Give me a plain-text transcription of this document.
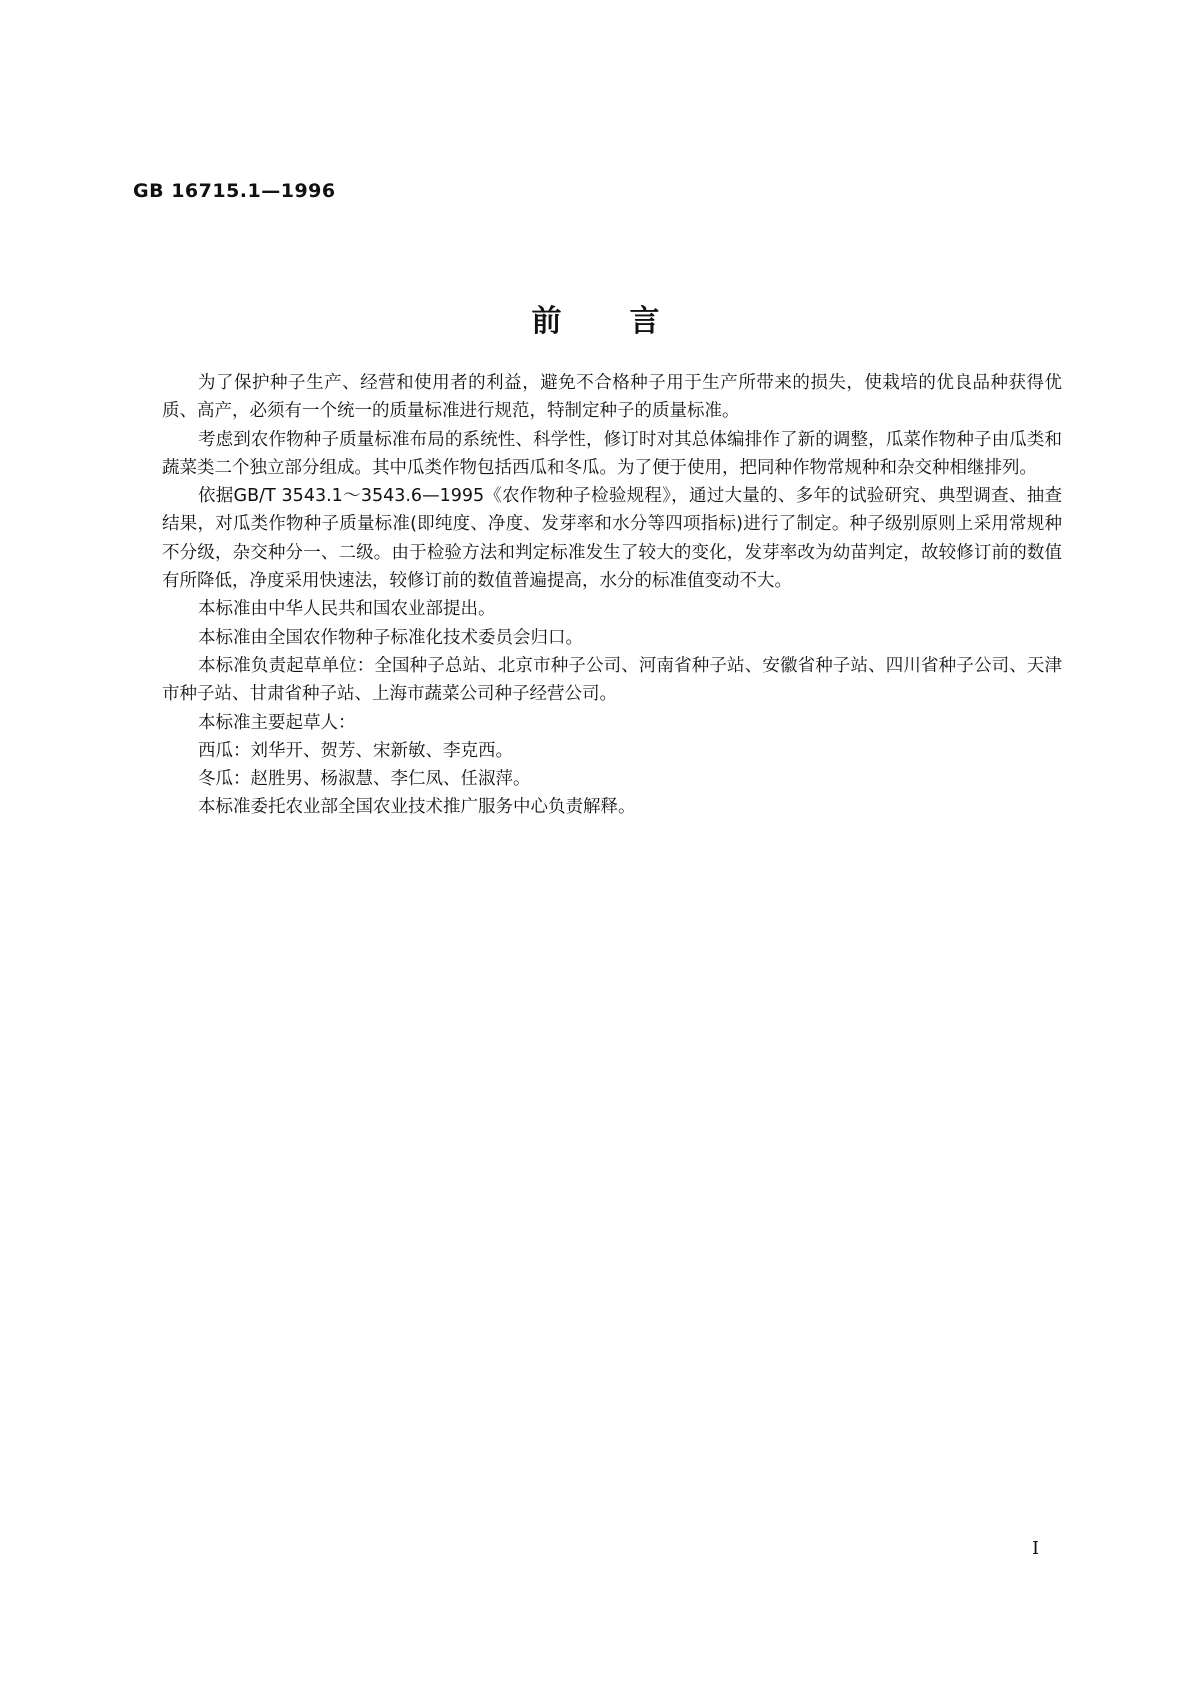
GB 16715.1—1996
前言

为了保护种子生产、经营和使用者的利益，避免不合格种子用于生产所带来的损失，使栽培的优良品种获得优质、高产，必须有一个统一的质量标准进行规范，特制定种子的质量标准。

考虑到农作物种子质量标准布局的系统性、科学性，修订时对其总体编排作了新的调整，瓜菜作物种子由瓜类和蔬菜类二个独立部分组成。其中瓜类作物包括西瓜和冬瓜。为了便于使用，把同种作物常规种和杂交种相继排列。

依据GB/T 3543.1～3543.6—1995《农作物种子检验规程》，通过大量的、多年的试验研究、典型调查、抽查结果，对瓜类作物种子质量标准(即纯度、净度、发芽率和水分等四项指标)进行了制定。种子级别原则上采用常规种不分级，杂交种分一、二级。由于检验方法和判定标准发生了较大的变化，发芽率改为幼苗判定，故较修订前的数值有所降低，净度采用快速法，较修订前的数值普遍提高，水分的标准值变动不大。

本标准由中华人民共和国农业部提出。

本标准由全国农作物种子标准化技术委员会归口。

本标准负责起草单位：全国种子总站、北京市种子公司、河南省种子站、安徽省种子站、四川省种子公司、天津市种子站、甘肃省种子站、上海市蔬菜公司种子经营公司。

本标准主要起草人：

西瓜：刘华开、贺芳、宋新敏、李克西。

冬瓜：赵胜男、杨淑慧、李仁凤、任淑萍。

本标准委托农业部全国农业技术推广服务中心负责解释。

I
